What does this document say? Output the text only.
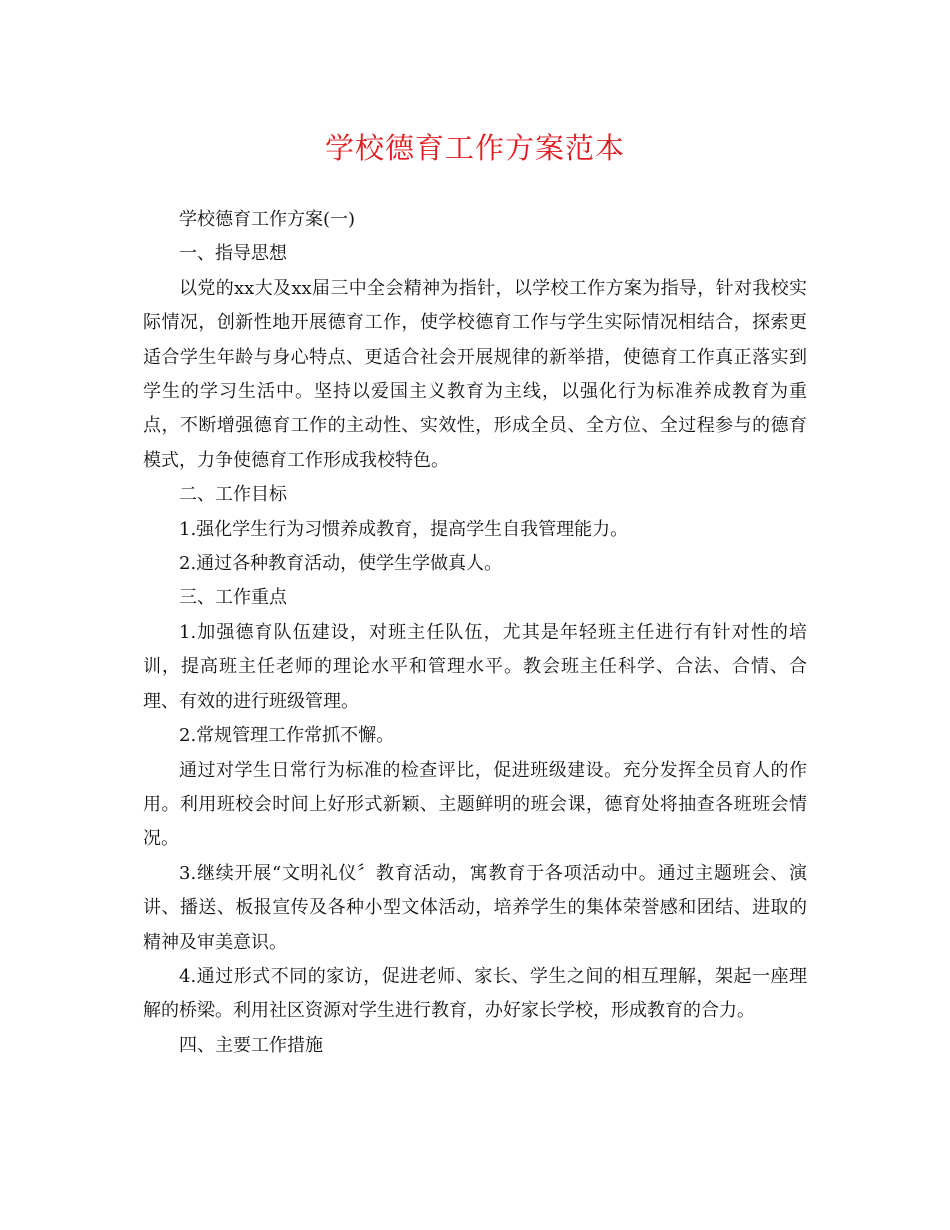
学校德育工作方案范本

学校德育工作方案(一)

一、指导思想

以党的xx大及xx届三中全会精神为指针，以学校工作方案为指导，针对我校实际情况，创新性地开展德育工作，使学校德育工作与学生实际情况相结合，探索更适合学生年龄与身心特点、更适合社会开展规律的新举措，使德育工作真正落实到学生的学习生活中。坚持以爱国主义教育为主线，以强化行为标准养成教育为重点，不断增强德育工作的主动性、实效性，形成全员、全方位、全过程参与的德育模式，力争使德育工作形成我校特色。

二、工作目标

1.强化学生行为习惯养成教育，提高学生自我管理能力。

2.通过各种教育活动，使学生学做真人。

三、工作重点

1.加强德育队伍建设，对班主任队伍，尤其是年轻班主任进行有针对性的培训，提高班主任老师的理论水平和管理水平。教会班主任科学、合法、合情、合理、有效的进行班级管理。

2.常规管理工作常抓不懈。

通过对学生日常行为标准的检查评比，促进班级建设。充分发挥全员育人的作用。利用班校会时间上好形式新颖、主题鲜明的班会课，德育处将抽查各班班会情况。

3.继续开展“文明礼仪〞教育活动，寓教育于各项活动中。通过主题班会、演讲、播送、板报宣传及各种小型文体活动，培养学生的集体荣誉感和团结、进取的精神及审美意识。

4.通过形式不同的家访，促进老师、家长、学生之间的相互理解，架起一座理解的桥梁。利用社区资源对学生进行教育，办好家长学校，形成教育的合力。

四、主要工作措施
